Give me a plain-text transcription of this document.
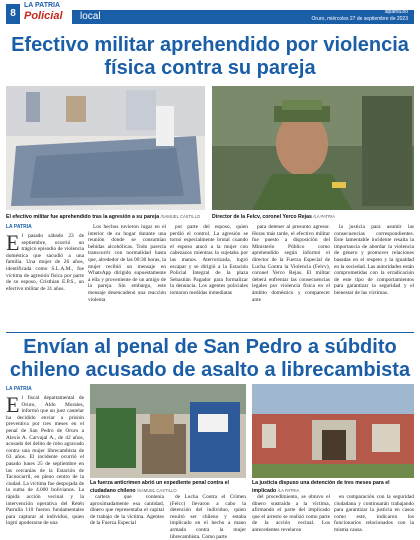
8
LA PATRIA
Policial local	lapatria.bo
Oruro, miércoles 27 de septiembre de 2023
Efectivo militar aprehendido por violencia física contra su pareja
El efectivo militar fue aprehendido tras la agresión a su pareja /SAMUEL CASTILLO	Director de la Felcv, coronel Yerco Rejas /LA PATRIA
LA PATRIA

El pasado sábado 23 de septiembre, ocurrió un trágico episodio de violencia doméstica que sacudió a una familia. Una mujer de 26 años, identificada como S.L.A.M., fue víctima de agresión física por parte de su esposo, Cristhian E.P.S., un efectivo militar de 31 años.

Los hechos tuvieron lugar en el interior de su hogar durante una reunión donde se consumían bebidas alcohólicas. Todo parecía transcurrir con normalidad hasta que, alrededor de las 00:30 horas, la mujer recibió un mensaje en WhatsApp dirigido supuestamente a ella y proveniente de un amigo de la pareja. Sin embargo, este mensaje desencadenó una reacción violenta

por parte del esposo, quien perdió el control. La agresión se tornó especialmente brutal cuando el esposo atacó a la mujer con cabezazos mientras la sujetaba por las manos. Aterrorizada, logró escapar y se dirigió a la Estación Policial Integral de la plaza Sebastián Pagador para formalizar la denuncia. Los agentes policiales tomaron medidas inmediatas

para detener al presunto agresor. Horas más tarde, el efectivo militar fue puesto a disposición del Ministerio Público como aprehendido según informó el director de la Fuerza Especial de Lucha Contra la Violencia (Felcv), coronel Yerco Rejas. El militar deberá enfrentar las consecuencias legales por violencia física en el ámbito doméstico y comparecer ante

la justicia para asumir las consecuencias correspondientes. Este lamentable incidente resalta la importancia de abordar la violencia de género y promover relaciones basadas en el respeto y la igualdad en la sociedad. Las autoridades están comprometidas con la erradicación de este tipo de comportamientos para garantizar la seguridad y el bienestar de las víctimas.

Envían al penal de San Pedro a súbdito chileno acusado de asalto a librecambista
LA PATRIA

El fiscal departamental de Oruro, Aldo Morales, informó que un juez cautelar ha decidido enviar a prisión preventiva por tres meses en el penal de San Pedro de Oruro a Alexis A. Carvajal A., de 42 años, acusado del delito de robo agravado contra una mujer librecambista de 63 años. El incidente ocurrió el pasado lunes 25 de septiembre en las cercanías de la Estación de Tacnocarril, en pleno centro de la ciudad. La víctima fue despojada de la suma de 4.000 bolivianos. La rápida acción vecinal y la intervención operativa del Retén Patrulla 110 fueron fundamentales para capturar al individuo, quien logró apoderarse de una

La fuerza anticrimen abrió un expediente penal contra el ciudadano chileno /SAMUEL CASTILLO
La justicia dispuso una detención de tres meses para el implicado /LA PATRIA

cartera que contenía aproximadamente esa cantidad, dinero que representaba el capital de trabajo de la víctima. Agentes de la Fuerza Especial

de Lucha Contra el Crimen (Felcc) llevaron a cabo la detención del individuo, quien resultó ser chileno y estaba implicado en el hecho a mano armada contra la mujer librecambista. Como parte

del procedimiento, se obtuvo el dinero sustraído a la víctima, afirmando el parte del implicado que el arresto se realizó como parte de la acción vecinal. Los antecedentes revelaron

en comparación con la seguridad ciudadana y continuarán trabajando para garantizar la justicia en casos como este, indicaron los funcionarios relacionados con la misma causa.
